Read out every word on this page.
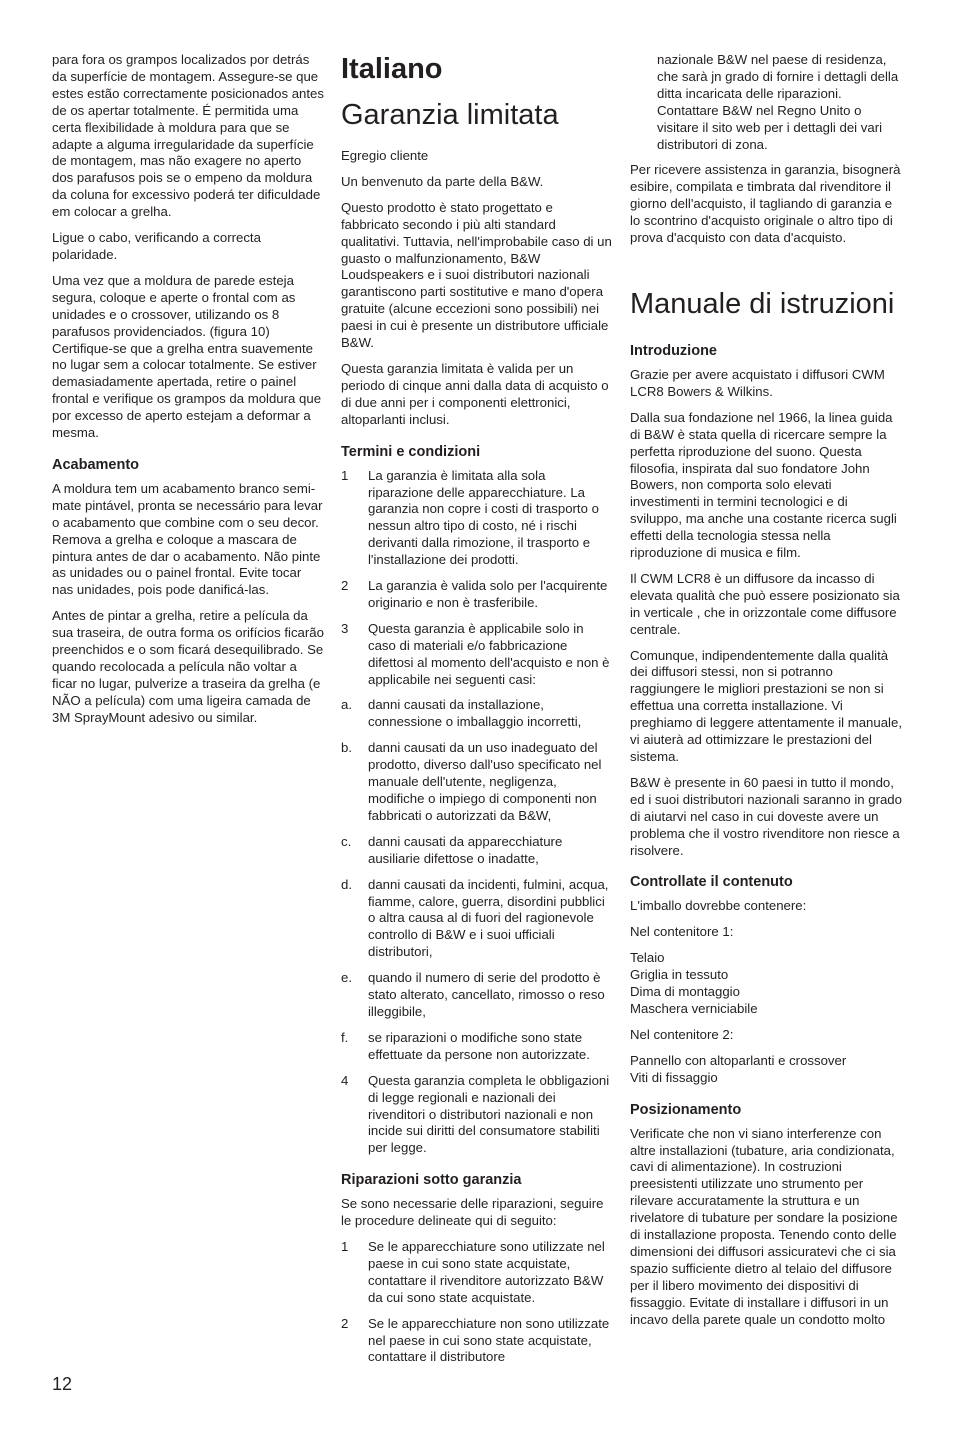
para fora os grampos localizados por detrás da superfície de montagem. Assegure-se que estes estão correctamente posicionados antes de os apertar totalmente. É permitida uma certa flexibilidade à moldura para que se adapte a alguma irregularidade da superfície de montagem, mas não exagere no aperto dos parafusos pois se o empeno da moldura da coluna for excessivo poderá ter dificuldade em colocar a grelha.

Ligue o cabo, verificando a correcta polaridade.

Uma vez que a moldura de parede esteja segura, coloque e aperte o frontal com as unidades e o crossover, utilizando os 8 parafusos providenciados. (figura 10) Certifique-se que a grelha entra suavemente no lugar sem a colocar totalmente. Se estiver demasiadamente apertada, retire o painel frontal e verifique os grampos da moldura que por excesso de aperto estejam a deformar a mesma.

Acabamento

A moldura tem um acabamento branco semi-mate pintável, pronta se necessário para levar o acabamento que combine com o seu decor. Remova a grelha e coloque a mascara de pintura antes de dar o acabamento. Não pinte as unidades ou o painel frontal. Evite tocar nas unidades, pois pode danificá-las.

Antes de pintar a grelha, retire a película da sua traseira, de outra forma os orifícios ficarão preenchidos e o som ficará desequilibrado. Se quando recolocada a película não voltar a ficar no lugar, pulverize a traseira da grelha (e NÃO a película) com uma ligeira camada de 3M SprayMount adesivo ou similar.

Italiano
Garanzia limitata

Egregio cliente

Un benvenuto da parte della B&W.

Questo prodotto è stato progettato e fabbricato secondo i più alti standard qualitativi. Tuttavia, nell'improbabile caso di un guasto o malfunzionamento, B&W Loudspeakers e i suoi distributori nazionali garantiscono parti sostitutive e mano d'opera gratuite (alcune eccezioni sono possibili) nei paesi in cui è presente un distributore ufficiale B&W.

Questa garanzia limitata è valida per un periodo di cinque anni dalla data di acquisto o di due anni per i componenti elettronici, altoparlanti inclusi.

Termini e condizioni
1 La garanzia è limitata alla sola riparazione delle apparecchiature. La garanzia non copre i costi di trasporto o nessun altro tipo di costo, né i rischi derivanti dalla rimozione, il trasporto e l'installazione dei prodotti.
2 La garanzia è valida solo per l'acquirente originario e non è trasferibile.
3 Questa garanzia è applicabile solo in caso di materiali e/o fabbricazione difettosi al momento dell'acquisto e non è applicabile nei seguenti casi:
a. danni causati da installazione, connessione o imballaggio incorretti,
b. danni causati da un uso inadeguato del prodotto, diverso dall'uso specificato nel manuale dell'utente, negligenza, modifiche o impiego di componenti non fabbricati o autorizzati da B&W,
c. danni causati da apparecchiature ausiliarie difettose o inadatte,
d. danni causati da incidenti, fulmini, acqua, fiamme, calore, guerra, disordini pubblici o altra causa al di fuori del ragionevole controllo di B&W e i suoi ufficiali distributori,
e. quando il numero di serie del prodotto è stato alterato, cancellato, rimosso o reso illeggibile,
f. se riparazioni o modifiche sono state effettuate da persone non autorizzate.
4 Questa garanzia completa le obbligazioni di legge regionali e nazionali dei rivenditori o distributori nazionali e non incide sui diritti del consumatore stabiliti per legge.
Riparazioni sotto garanzia

Se sono necessarie delle riparazioni, seguire le procedure delineate qui di seguito:

1 Se le apparecchiature sono utilizzate nel paese in cui sono state acquistate, contattare il rivenditore autorizzato B&W da cui sono state acquistate.
2 Se le apparecchiature non sono utilizzate nel paese in cui sono state acquistate, contattare il distributore
nazionale B&W nel paese di residenza, che sarà jn grado di fornire i dettagli della ditta incaricata delle riparazioni. Contattare B&W nel Regno Unito o visitare il sito web per i dettagli dei vari distributori di zona.

Per ricevere assistenza in garanzia, bisognerà esibire, compilata e timbrata dal rivenditore il giorno dell'acquisto, il tagliando di garanzia e lo scontrino d'acquisto originale o altro tipo di prova d'acquisto con data d'acquisto.

Manuale di istruzioni
Introduzione

Grazie per avere acquistato i diffusori CWM LCR8 Bowers & Wilkins.

Dalla sua fondazione nel 1966, la linea guida di B&W è stata quella di ricercare sempre la perfetta riproduzione del suono. Questa filosofia, inspirata dal suo fondatore John Bowers, non comporta solo elevati investimenti in termini tecnologici e di sviluppo, ma anche una costante ricerca sugli effetti della tecnologia stessa nella riproduzione di musica e film.

Il CWM LCR8 è un diffusore da incasso di elevata qualità che può essere posizionato sia in verticale , che in orizzontale come diffusore centrale.

Comunque, indipendentemente dalla qualità dei diffusori stessi, non si potranno raggiungere le migliori prestazioni se non si effettua una corretta installazione. Vi preghiamo di leggere attentamente il manuale, vi aiuterà ad ottimizzare le prestazioni del sistema.

B&W è presente in 60 paesi in tutto il mondo, ed i suoi distributori nazionali saranno in grado di aiutarvi nel caso in cui doveste avere un problema che il vostro rivenditore non riesce a risolvere.

Controllate il contenuto

L'imballo dovrebbe contenere:

Nel contenitore 1:

Telaio
Griglia in tessuto
Dima di montaggio
Maschera verniciabile

Nel contenitore 2:

Pannello con altoparlanti e crossover
Viti di fissaggio

Posizionamento

Verificate che non vi siano interferenze con altre installazioni (tubature, aria condizionata, cavi di alimentazione). In costruzioni preesistenti utilizzate uno strumento per rilevare accuratamente la struttura e un rivelatore di tubature per sondare la posizione di installazione proposta. Tenendo conto delle dimensioni dei diffusori assicuratevi che ci sia spazio sufficiente dietro al telaio del diffusore per il libero movimento dei dispositivi di fissaggio. Evitate di installare i diffusori in un incavo della parete quale un condotto molto

12
